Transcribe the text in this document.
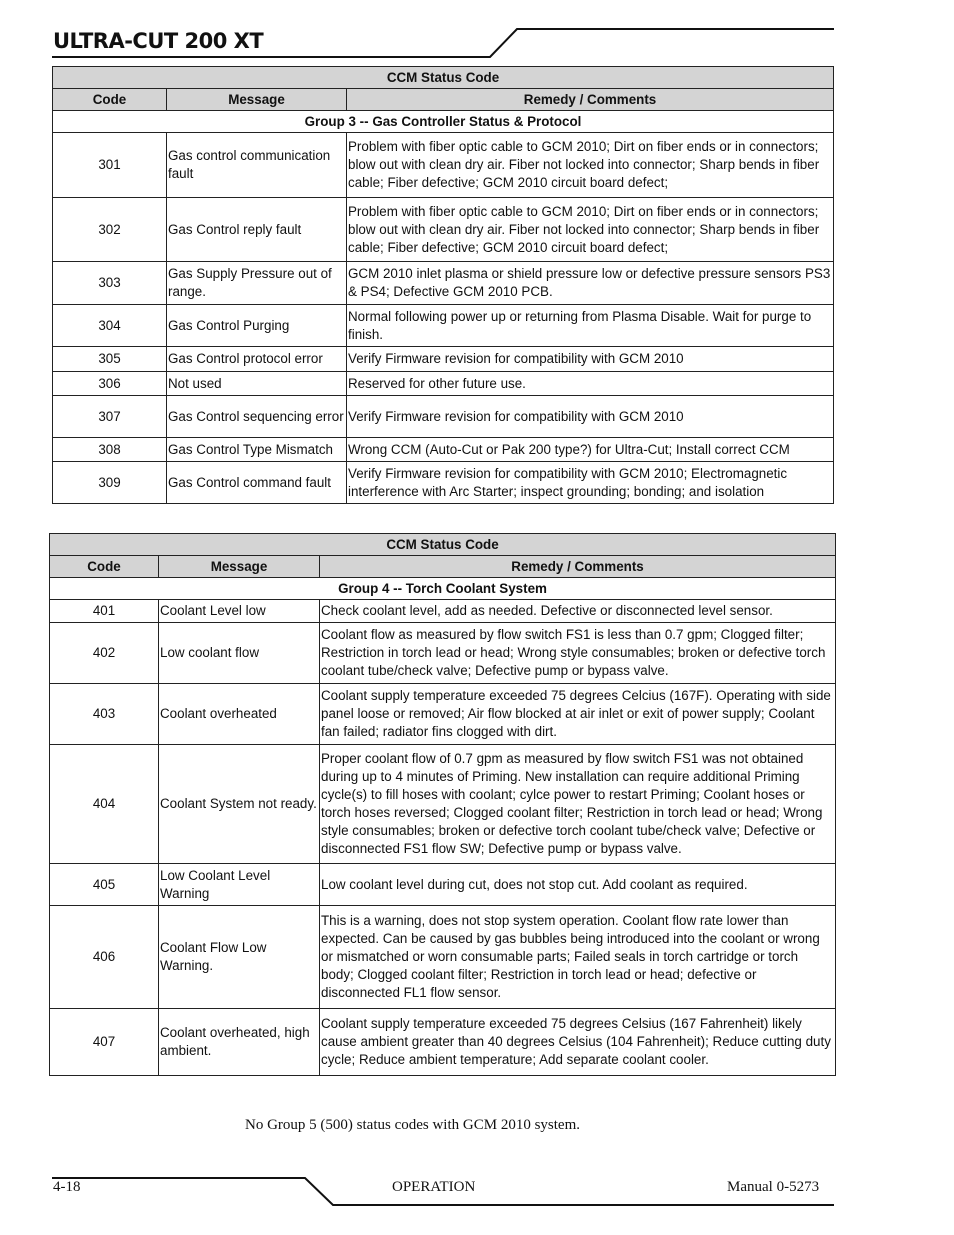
ULTRA-CUT 200 XT
CCM Status Code		
Code	Message	Remedy / Comments
Group 3 -- Gas Controller Status & Protocol		
301	Gas control communication fault	Problem with fiber optic cable to GCM 2010; Dirt on fiber ends or in connectors; blow out with clean dry air. Fiber not locked into connector; Sharp bends in fiber cable; Fiber defective; GCM 2010 circuit board defect;
302	Gas Control reply fault	Problem with fiber optic cable to GCM 2010; Dirt on fiber ends or in connectors; blow out with clean dry air. Fiber not locked into connector; Sharp bends in fiber cable; Fiber defective; GCM 2010 circuit board defect;
303	Gas Supply Pressure out of range.	GCM 2010 inlet plasma or shield pressure low or defective pressure sensors PS3 & PS4; Defective GCM 2010 PCB.
304	Gas Control Purging	Normal following power up or returning from Plasma Disable. Wait for purge to finish.
305	Gas Control protocol error	Verify Firmware revision for compatibility with GCM 2010
306	Not used	Reserved for other future use.
307	Gas Control sequencing error	Verify Firmware revision for compatibility with GCM 2010
308	Gas Control Type Mismatch	Wrong CCM (Auto-Cut or Pak 200 type?) for Ultra-Cut; Install correct CCM
309	Gas Control command fault	Verify Firmware revision for compatibility with GCM 2010; Electromagnetic interference with Arc Starter; inspect grounding; bonding; and isolation
CCM Status Code		
Code	Message	Remedy / Comments
Group 4 -- Torch Coolant System		
401	Coolant Level low	Check coolant level, add as needed. Defective or disconnected level sensor.
402	Low coolant flow	Coolant flow as measured by flow switch FS1 is less than 0.7 gpm; Clogged filter; Restriction in torch lead or head; Wrong style consumables; broken or defective torch coolant tube/check valve; Defective pump or bypass valve.
403	Coolant overheated	Coolant supply temperature exceeded 75 degrees Celcius (167F). Operating with side panel loose or removed; Air flow blocked at air inlet or exit of power supply; Coolant fan failed; radiator fins clogged with dirt.
404	Coolant System not ready.	Proper coolant flow of 0.7 gpm as measured by flow switch FS1 was not obtained during up to 4 minutes of Priming. New installation can require additional Priming cycle(s) to fill hoses with coolant; cylce power to restart Priming; Coolant hoses or torch hoses reversed; Clogged coolant filter; Restriction in torch lead or head; Wrong style consumables; broken or defective torch coolant tube/check valve; Defective or disconnected FS1 flow SW; Defective pump or bypass valve.
405	Low Coolant Level Warning	Low coolant level during cut, does not stop cut. Add coolant as required.
406	Coolant Flow Low Warning.	This is a warning, does not stop system operation. Coolant flow rate lower than expected. Can be caused by gas bubbles being introduced into the coolant or wrong or mismatched or worn consumable parts; Failed seals in torch cartridge or torch body; Clogged coolant filter; Restriction in torch lead or head; defective or disconnected FL1 flow sensor.
407	Coolant overheated, high ambient.	Coolant supply temperature exceeded 75 degrees Celsius (167 Fahrenheit) likely cause ambient greater than 40 degrees Celsius (104 Fahrenheit); Reduce cutting duty cycle; Reduce ambient temperature; Add separate coolant cooler.

No Group 5 (500) status codes with GCM 2010 system.

4-18	OPERATION	Manual 0-5273
